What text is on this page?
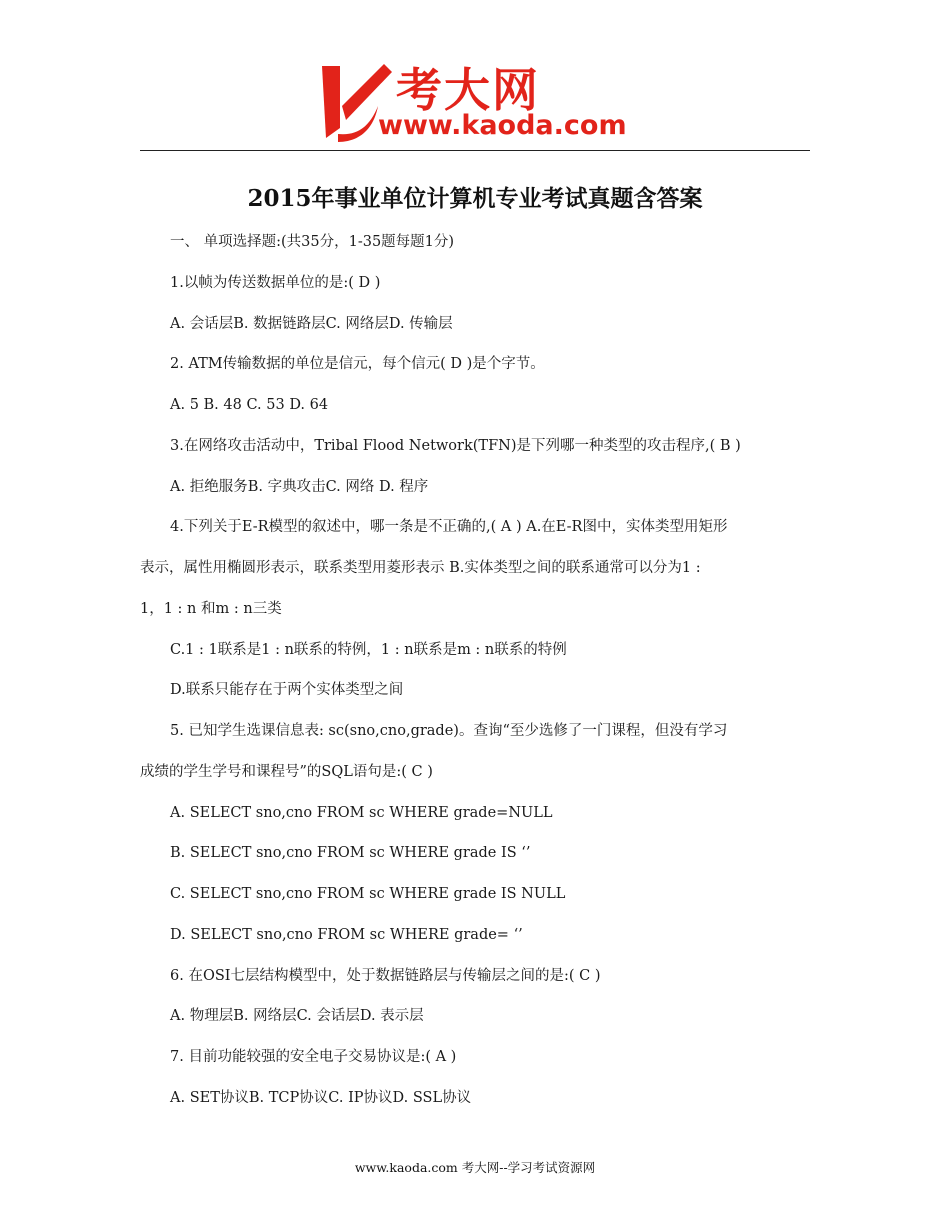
考大网
www.kaoda.com
2015年事业单位计算机专业考试真题含答案
一、 单项选择题:(共35分，1-35题每题1分)
1.以帧为传送数据单位的是:( D )
A. 会话层B. 数据链路层C. 网络层D. 传输层
2. ATM传输数据的单位是信元，每个信元( D )是个字节。
A. 5 B. 48 C. 53 D. 64
3.在网络攻击活动中，Tribal Flood Network(TFN)是下列哪一种类型的攻击程序,( B )
A. 拒绝服务B. 字典攻击C. 网络 D. 程序
4.下列关于E-R模型的叙述中，哪一条是不正确的,( A ) A.在E-R图中，实体类型用矩形
表示，属性用椭圆形表示，联系类型用菱形表示 B.实体类型之间的联系通常可以分为1 :
1，1 : n 和m : n三类
C.1 : 1联系是1 : n联系的特例，1 : n联系是m : n联系的特例
D.联系只能存在于两个实体类型之间
5. 已知学生选课信息表: sc(sno,cno,grade)。查询“至少选修了一门课程，但没有学习
成绩的学生学号和课程号”的SQL语句是:( C )
A. SELECT sno,cno FROM sc WHERE grade=NULL
B. SELECT sno,cno FROM sc WHERE grade IS ‘’
C. SELECT sno,cno FROM sc WHERE grade IS NULL
D. SELECT sno,cno FROM sc WHERE grade= ‘’
6. 在OSI七层结构模型中，处于数据链路层与传输层之间的是:( C )
A. 物理层B. 网络层C. 会话层D. 表示层
7. 目前功能较强的安全电子交易协议是:( A )
A. SET协议B. TCP协议C. IP协议D. SSL协议
www.kaoda.com 考大网--学习考试资源网
